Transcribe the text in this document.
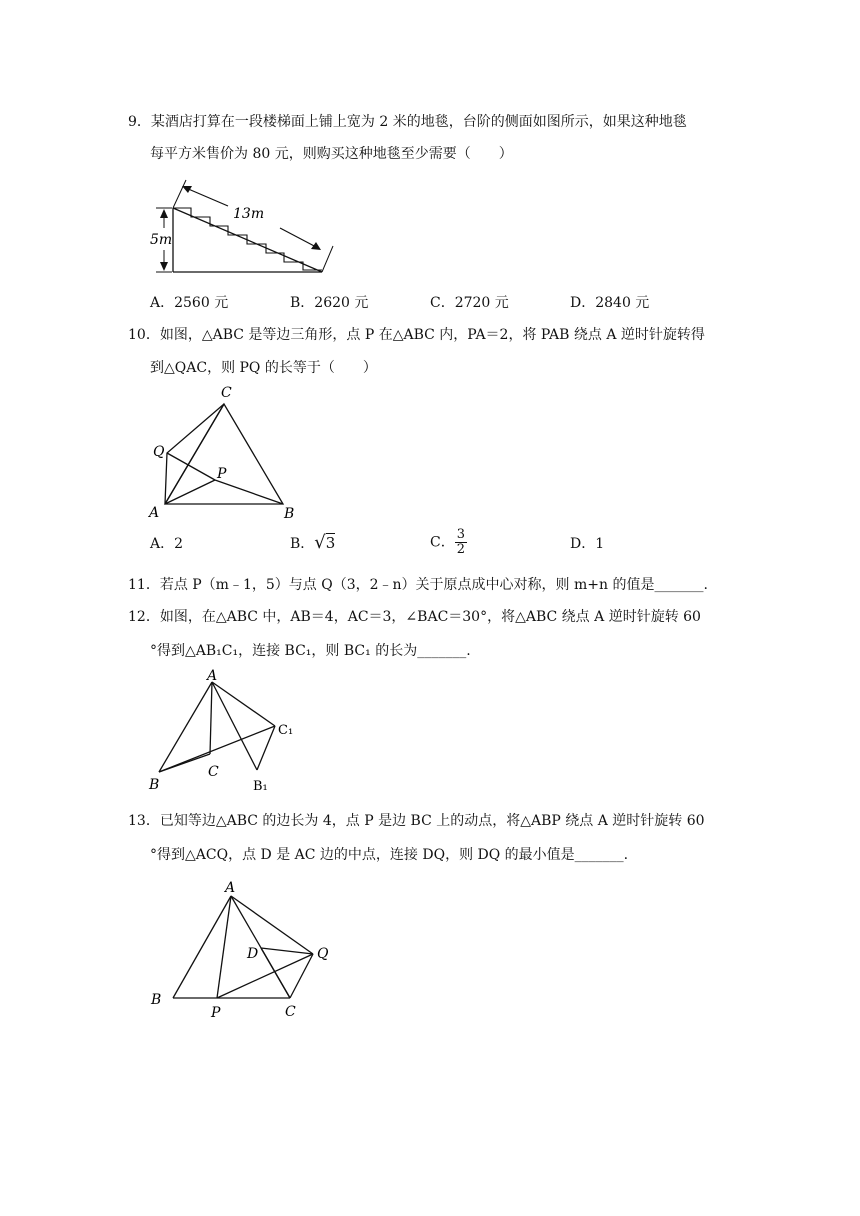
9．某酒店打算在一段楼梯面上铺上宽为 2 米的地毯，台阶的侧面如图所示，如果这种地毯
每平方米售价为 80 元，则购买这种地毯至少需要（　　）
13m
5m
A．2560 元	B．2620 元	C．2720 元	D．2840 元
10．如图，△ABC 是等边三角形，点 P 在△ABC 内，PA＝2，将 PAB 绕点 A 逆时针旋转得
到△QAC，则 PQ 的长等于（　　）
C
Q
P
A	B
A．2	B．√3	C． $\frac{3}{2}$	D．1
11．若点 P（m﹣1，5）与点 Q（3，2﹣n）关于原点成中心对称，则 m+n 的值是_______.
12．如图，在△ABC 中，AB＝4，AC＝3，∠BAC＝30°，将△ABC 绕点 A 逆时针旋转 60
°得到△AB₁C₁，连接 BC₁，则 BC₁ 的长为_______.
A
B
C
B₁
C₁
13．已知等边△ABC 的边长为 4，点 P 是边 BC 上的动点，将△ABP 绕点 A 逆时针旋转 60
°得到△ACQ，点 D 是 AC 边的中点，连接 DQ，则 DQ 的最小值是_______.
A
B
P	C
D	Q
